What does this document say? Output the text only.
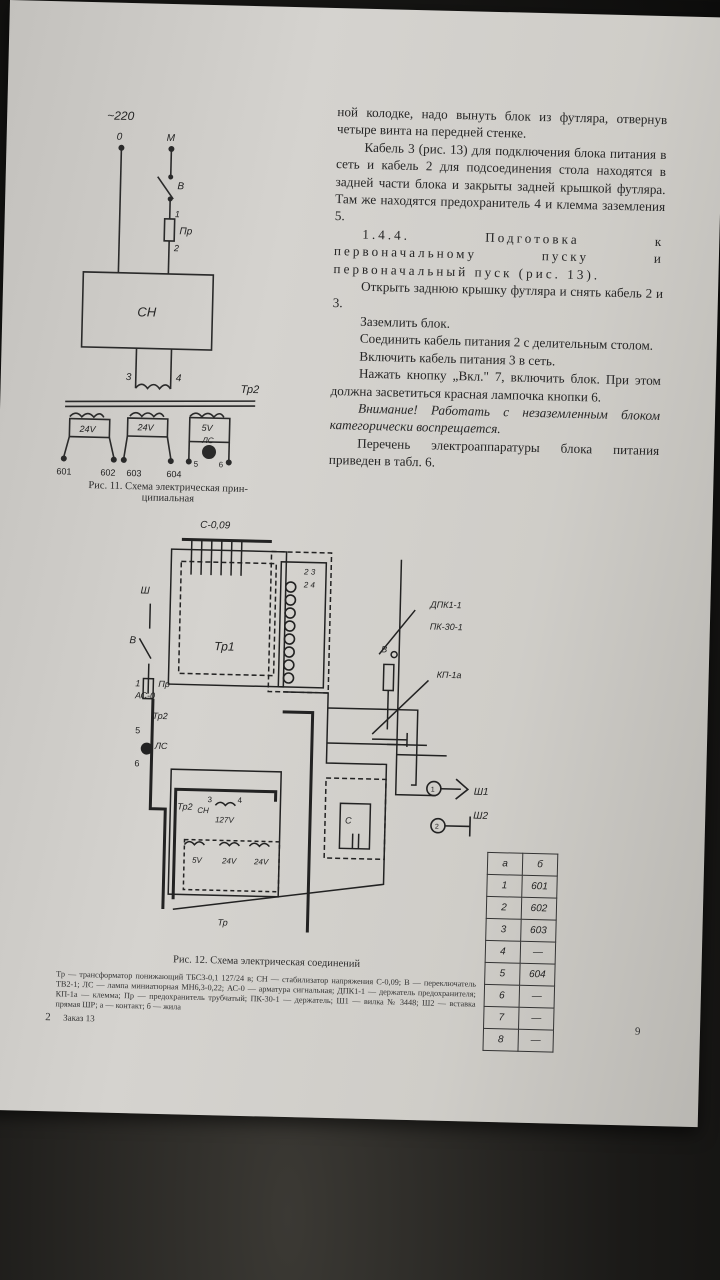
~220
0	М
В
Пр
1
2
СН
3	4
Тр2
24V	24V	5V
ЛС
5	6
601	602 603	604
Рис. 11. Схема электрическая прин-
ципиальная

ной колодке, надо вынуть блок из футляра, отвернув четыре винта на передней стенке.

Кабель 3 (рис. 13) для подключения блока питания в сеть и кабель 2 для подсоединения стола находятся в задней части блока и закрыты задней крышкой футляра. Там же находятся предохранитель 4 и клемма заземления 5.

1.4.4. Подготовка к первоначальному пуску и первоначальный пуск (рис. 13).

Открыть заднюю крышку футляра и снять кабель 2 и 3.

Заземлить блок.

Соединить кабель питания 2 с делительным столом.

Включить кабель питания 3 в сеть.

Нажать кнопку „Вкл." 7, включить блок. При этом должна засветиться красная лампочка кнопки 6.

Внимание! Работать с незаземленным блоком категорически воспрещается.

Перечень электроаппаратуры блока питания приведен в табл. 6.

С-0,09
Ш
В
1 Пр
АС-0
Тр2
ЛС
5
6
Тр1
Тр2 СН
3	4
127V
5V 24V 24V
Тр
С
ДПК1-1
ПК-30-1
КП-1а
Ш1
Ш2
1
2
В
2 3
2 4
а	б
1	601
2	602
3	603
4	—
5	604
6	—
7	—
8	—
Рис. 12. Схема электрическая соединений
Тр — трансформатор понижающий ТБС3-0,1 127/24 в; СН — стабилизатор напряжения С-0,09; В — переключатель ТВ2-1; ЛС — лампа миниатюрная МН6,3-0,22; АС-0 — арматура сигнальная; ДПК1-1 — держатель предохранителя; КП-1а — клемма; Пр — предохранитель трубчатый; ПК-30-1 — держатель; Ш1 — вилка № 3448; Ш2 — вставка прямая ШР; а — контакт; б — жила
2 Заказ 13
9
